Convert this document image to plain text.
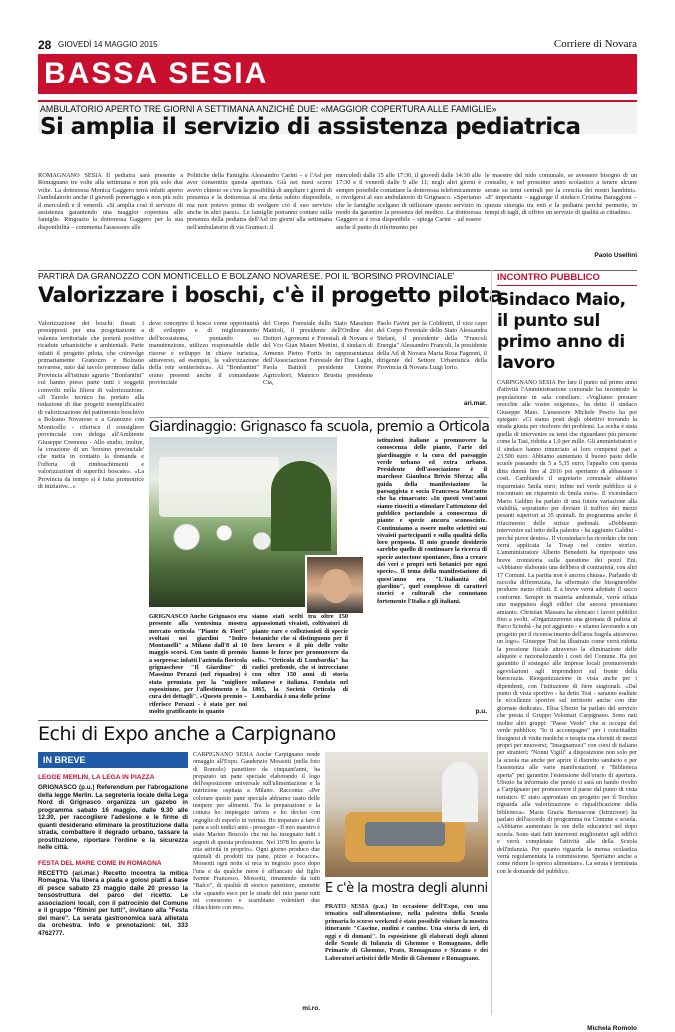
28 GIOVEDÌ 14 MAGGIO 2015	Corriere di Novara
BASSA SESIA
AMBULATORIO APERTO TRE GIORNI A SETTIMANA ANZICHÉ DUE: «MAGGIOR COPERTURA ALLE FAMIGLIE»
Si amplia il servizio di assistenza pediatrica
ROMAGNANO SESIA Il pediatra sarà presente a Romagnano tre volte alla settimana e non più solo due volte. La dottoressa Monica Gaggero terrà infatti aperto l'ambulatorio anche il giovedì pomeriggio e non più solo il mercoledì e il venerdì. «Si amplia così il servizio di assistenza garantendo una maggior copertura alle famiglie. Ringrazio la dottoressa Gaggero per la sua disponibilità – commenta l'assessore alle
Politiche della Famiglia Alessandro Carini – e l'Asl per aver consentito questa apertura. Già nei mesi scorsi avevo chiesto se c'era la possibilità di ampliare i giorni di presenza e la dottoressa si era detta subito disponibile, ma non potevo prima di svolgere ciò il suo servizio anche in altri paesi». Le famiglie potranno contare sulla presenza della pediatra dell'Asl tre giorni alla settimana nell'ambulatorio di via Gramsci: il
mercoledì dalle 15 alle 17:30, il giovedì dalle 14:30 alle 17:30 e il venerdì dalle 9 alle 11; negli altri giorni è sempre possibile contattare la dottoressa telefonicamente o rivolgersi al suo ambulatorio di Grignasco. «Speriamo che le famiglie scelgano di utilizzare questo servizio in modo da garantire la presenza del medico. La dottoressa Gaggero si è resa disponibile – spiega Carini – ad essere anche il punto di riferimento per
le maestre del nido comunale, se avessero bisogno di un consulto, e nel prossimo anno scolastico a tenere alcune serate su temi centrali per la crescita dei nostri bambini». «E' importante – aggiunge il sindaco Cristina Baraggioni – questa sinergia tra enti e la pediatra perché permette, in tempi di tagli, di offrire un servizio di qualità ai cittadini».
Paolo Usellini
PARTIRÀ DA GRANOZZO CON MONTICELLO E BOLZANO NOVARESE. POI IL 'BORSINO PROVINCIALE'
Valorizzare i boschi, c'è il progetto pilota
Valorizzazione dei boschi: fissati i presupposti per una progettazione a valenza territoriale che porterà positive ricadute urbanistiche e ambientali. Parte infatti il progetto pilota, che coinvolge primariamente Granozzo e Bolzano novarese, nato dal tavolo promosso dalla Provincia all'istituto agrario "Bonfantini" cui hanno preso parte tutti i soggetti coinvolti nella filiera di valorizzazione. «Il Tavolo tecnico ha portato alla redazione di due progetti esemplificativi di valorizzazione del patrimonio boschivo a Bolzano Novarese e a Granozzo con Monticello - riferisce il consigliere provinciale con delega all'Ambiente Giuseppe Cremona - Allo studio, inoltre, la creazione di un 'borsino provinciale' che metta in contatto la domanda e l'offerta di rimboschimenti e valorizzazioni di superfici boscate». «La Provincia da tempo si è fatta promotrice di iniziative...»
deve concepire il bosco come opportunità di sviluppo e di miglioramento dell'ecosistema, puntando su manutenzione, utilizzo responsabile delle risorse e sviluppo in chiave turistica, attraverso, ad esempio, la valorizzazione della rete sentieristica». Al "Bonfantini" erano presenti anche il comandante provinciale
del Corpo Forestale dello Stato Massimo Mattioli, il presidente dell'Ordine dei Dottori Agronomi e Forestali di Novara e del Vco Gian Mauro Mottini, il sindaco di Armeno Pietro Fortis in rappresentanza dell'Associazione Forestale dei Due Laghi, Paola Battioli presidente Unione Agricoltori, Manrico Brustia presidente Cia,
Paolo Favini per la Coldiretti, il vice capo del Corpo Forestale dello Stato Alessandra Stefani, il presidente della "Francoli Energia" Alessandro Francoli, la presidente della Atl di Novara Maria Rosa Fagnoni, il dirigente del Settore Urbanistica della Provincia di Novara Luigi Iorio.
ari.mar.
Giardinaggio: Grignasco fa scuola, premio a Orticola
GRIGNASCO Anche Grignasco era presente alla ventesima mostra mercato orticola "Piante & Fiori" svoltasi nei giardini "Indro Montanelli" a Milano dall'8 al 10 maggio scorsi. Con tanto di premio a sorpresa: infatti l'azienda floricola grignaschese "Il Giardino" di Massimo Perazzi (nel riquadro) è stata premiata per la "migliore esposizione, per l'allestimento e la cura dei dettagli". «Questo premio – riferisce Perazzi - è stato per noi molto gratificante in quanto
siamo stati scelti tra oltre 150 appassionati vivaisti, coltivatori di piante rare e collezionisti di specie botaniche che si distinguono per il loro lavoro e il più delle volte hanno le forze per promuovere da soli». "Orticola di Lombardia" ha radici profonde, che si intrecciano con oltre 150 anni di storia milanese e italiana. Fondata nel 1865, la Società Orticola di Lombardia è una delle prime
istituzioni italiane a promuovere la conoscenza delle piante, l'arte del giardinaggio e la cura del paesaggio verde urbano ed extra urbano. Presidente dell'associazione è il marchese Gianluca Brivio Sforza; alla guida della manifestazione la paesaggista e socia Francesca Marzotto che ha rimarcato: «In questi vent'anni siamo riusciti a stimolare l'attenzione del pubblico portandolo a conoscenza di piante e specie ancora sconosciute. Continuiamo a essere molto selettivi sui vivaisti partecipanti e sulla qualità della loro proposta. Il mio grande desiderio sarebbe quello di continuare la ricerca di specie autoctone spontanee, fino a creare dei veri e propri orti botanici per ogni specie». Il tema della manifestazione di quest'anno era "L'italianità del giardino", quel complesso di caratteri storici e culturali che connotano fortemente l'Italia e gli italiani.
p.u.
INCONTRO PUBBLICO
Sindaco Maio, il punto sul primo anno di lavoro
CARPIGNANO SESIA Per fare il punto sul primo anno d'attività l'Amministrazione comunale ha incontrato la popolazione in sala consiliare. «Vogliamo prestare orecchie alle vostre esigenze», ha detto il sindaco Giuseppe Maio. L'assessore Michele Pescio ha poi spiegato: «Ci siamo posti degli obiettivi trovando la strada giusta per risolvere dei problemi. La scelta è stata quella di intervenire su temi che riguardano più persone come la Tasi, ridotta a 1,0 per mille. Gli amministratori e il sindaco hanno rinunciato ai loro compensi pari a 23.500 euro. Abbiamo aumentato il buono pasto delle scuole passando da 5 a 5,35 euro; l'appalto con questa ditta durerà fino al 2016 poi speriamo di abbassare i costi. Cambiando il segretario comunale abbiamo risparmiato 5mila euro; infine nel verde pubblico si è riscontrato un risparmio di 6mila euro». Il vicesindaco Mario Galdini ha parlato di una futura variazione alla viabilità, soprattutto per deviare il traffico dei mezzi pesanti superiori ai 35 quintali. In programma anche il rifacimento delle strisce pedonali. «Dobbiamo intervenire sul tetto della palestra - ha aggiunto Galdini - perché piove dentro». Il vicesindaco ha ricordato che non verrà applicata la Tosap nel centro storico. L'amministratore Alberto Benedetti ha riproposto una breve cronistoria sulla questione dei pozzi Eni. «Abbiamo elaborato una delibera di contrarietà, con altri 17 Comuni. La partita non è ancora chiusa». Parlando di raccolta differenziata, ha affermato che bisognerebbe produrre meno rifiuti. E a breve verrà adottato il sacco conforme. Sempre in materia ambientale, verrà stilata una mappatura degli edifici che ancora presentano amianto. Christian Massara ha elencato i lavori pubblici fino a svolti. «Organizzeremo una giornata di pulizia al Parco Scimbà - ha poi aggiunto - e stiamo lavorando a un progetto per il riconoscimento dell'area fragola attraverso un logo». Giuseppe Tosi ha illustrato come verrà ridotta la pressione fiscale attraverso la eliminazione delle aliquote e razionalizzando i costi del Comune. Ha poi garantito il sostegno alle imprese locali promuovendo agevolazioni agli imprenditori sul fronte della burocrazia. Riorganizzazione in vista anche per i dipendenti, con l'istituzione di fiere stagionali. «Dal punto di vista sportivo - ha detto Tosi - saranno esaltate le eccellenze sportive sul territorio anche con due giornate dedicate». Elisa Ubezio ha parlato del servizio che presta il Gruppo Volontari Carpignano. Sono nati inoltre altri gruppi: "Paese Verde" che si occupa del verde pubblico; "Io ti accompagno" per i concittadini bisognosi di visite mediche o terapie ma sforniti di mezzi propri per muoversi; "Insegnamoci" con corsi di italiano per stranieri; "Nonni Vigili" a disposizione non solo per la scuola ma anche per aprire il distretto sanitario e per l'assistenza alle varie manifestazioni e "Biblioteca aperta" per garantire l'estensione dell'orario di apertura. Ubezio ha informato che presto ci sarà un bando rivolto a Carpignano per promuovere il paese dal punto di vista turistico. E' stato approntato un progetto per il Torchio riguarda alla valorizzazione e riqualificazione della biblioteca». Maria Grazia Bernascone (Istruzione) ha parlato dell'accordo di programma tra Comune e scuola. «Abbiamo aumentato le ore delle educatrici nel dopo scuola. Sono stati fatti interventi migliorativi agli edifici e verrà completata l'attività alla della Scuola dell'infanzia. Per quanto riguarda la mensa scolastica verrà regolamentata la commissione. Speriamo anche a come ridurre lo spreco alimentare». La serata è terminata con le domande del pubblico.
Michela Romolo
Echi di Expo anche a Carpignano
IN BREVE
LEGGE MERLIN, LA LEGA IN PIAZZA
GRIGNASCO (p.u.) Referendum per l'abrogazione della legge Merlin. La segreteria locale della Lega Nord di Grignasco organizza un gazebo in programma sabato 16 maggio, dalle 9.30 alle 12.30, per raccogliere l'adesione e le firme di quanti desiderano eliminare la prostituzione dalla strada, combattere il degrado urbano, tassare la prostituzione, riportare l'ordine e la sicurezza nelle città.
FESTA DEL MARE COME IN ROMAGNA
RECETTO (ari.mar.) Recetto incontra la mitica Romagna. Via libera a piada e golosi piatti a base di pesce sabato 23 maggio dalle 20 presso la tensostruttura del parco del ricetto. Le associazioni locali, con il patrocinio del Comune e il gruppo "Rimini per tutti", invitano alla "Festa del mare". La serata gastronomica sarà allietata da orchestra. Info e prenotazioni: tel. 333 4762777.
CARPIGNANO SESIA Anche Carpignano rende omaggio all'Expo. Gaudenzio Mossotti (nella foto di Romolo) panettiere da cinquant'anni, ha preparato un pane speciale elaborando il logo dell'esposizione universale sull'alimentazione e la nutrizione ospitata a Milano. Racconta: «Per colorare questo pane speciale abbiamo usato delle tempere per alimenti. Tra la preparazione e la cottura ho impiegato un'ora e ho deciso con orgoglio di esporlo in vetrina. Ho imparato a fare il pane a soli undici anni - prosegue - Il mio maestro è stato Marino Boscolo che mi ha insegnato tutti i segreti di questa professione. Nel 1978 ho aperto la mia attività in proprio». Ogni giorno produco due quintali di prodotti tra pane, pizze e focacce». Mossotti ogni notte si reca in negozio poco dopo l'una e da qualche mese è affiancato dal figlio Ivenne Francesco. Mossotti, rimanendo da tutti "Balco", di qualità di storico panettiere, ammette che «quando esco per le strade del mio paese tutti mi conoscono e scambiano volentieri due chiacchiere con me».
mi.ro.
E c'è la mostra degli alunni
PRATO SESIA (p.u.) In occasione dell'Expo, con una tematica sull'alimentazione, nella palestra della Scuola primaria lo scorso weekend è stato possibile visitare la mostra itinerante "Cascine, mulini e cantine. Una storia di ieri, di oggi e di domani". In esposizione gli elaborati degli alunni delle Scuole di Infanzia di Ghemme e Romagnano, delle Primarie di Ghemme, Prato, Romagnano e Sizzano e dei Laboratori artistici delle Medie di Ghemme e Romagnano.
